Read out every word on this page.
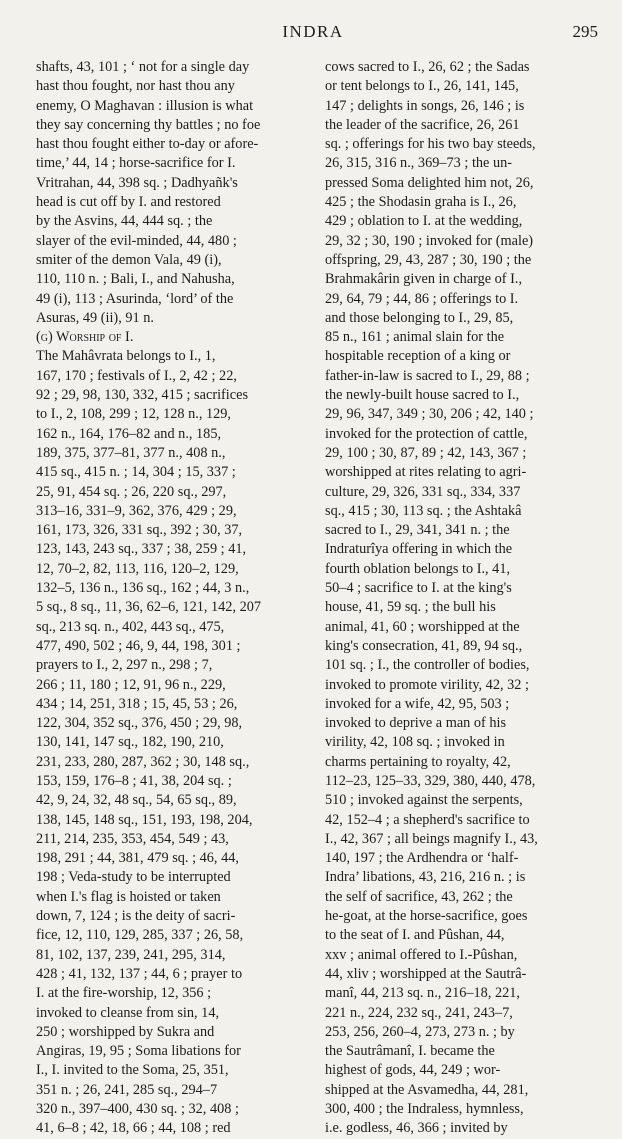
INDRA	295
shafts, 43, 101 ; ‘ not for a single day
hast thou fought, nor hast thou any
enemy, O Maghavan : illusion is what
they say concerning thy battles ; no foe
hast thou fought either to-day or afore-
time,’ 44, 14 ; horse-sacrifice for I.
Vritrahan, 44, 398 sq. ; Dadhyañk's
head is cut off by I. and restored
by the Asvins, 44, 444 sq. ; the
slayer of the evil-minded, 44, 480 ;
smiter of the demon Vala, 49 (i),
110, 110 n. ; Bali, I., and Nahusha,
49 (i), 113 ; Asurinda, ‘lord’ of the
Asuras, 49 (ii), 91 n.
(g) Worship of I.
The Mahâvrata belongs to I., 1,
167, 170 ; festivals of I., 2, 42 ; 22,
92 ; 29, 98, 130, 332, 415 ; sacrifices
to I., 2, 108, 299 ; 12, 128 n., 129,
162 n., 164, 176–82 and n., 185,
189, 375, 377–81, 377 n., 408 n.,
415 sq., 415 n. ; 14, 304 ; 15, 337 ;
25, 91, 454 sq. ; 26, 220 sq., 297,
313–16, 331–9, 362, 376, 429 ; 29,
161, 173, 326, 331 sq., 392 ; 30, 37,
123, 143, 243 sq., 337 ; 38, 259 ; 41,
12, 70–2, 82, 113, 116, 120–2, 129,
132–5, 136 n., 136 sq., 162 ; 44, 3 n.,
5 sq., 8 sq., 11, 36, 62–6, 121, 142, 207
sq., 213 sq. n., 402, 443 sq., 475,
477, 490, 502 ; 46, 9, 44, 198, 301 ;
prayers to I., 2, 297 n., 298 ; 7,
266 ; 11, 180 ; 12, 91, 96 n., 229,
434 ; 14, 251, 318 ; 15, 45, 53 ; 26,
122, 304, 352 sq., 376, 450 ; 29, 98,
130, 141, 147 sq., 182, 190, 210,
231, 233, 280, 287, 362 ; 30, 148 sq.,
153, 159, 176–8 ; 41, 38, 204 sq. ;
42, 9, 24, 32, 48 sq., 54, 65 sq., 89,
138, 145, 148 sq., 151, 193, 198, 204,
211, 214, 235, 353, 454, 549 ; 43,
198, 291 ; 44, 381, 479 sq. ; 46, 44,
198 ; Veda-study to be interrupted
when I.'s flag is hoisted or taken
down, 7, 124 ; is the deity of sacri-
fice, 12, 110, 129, 285, 337 ; 26, 58,
81, 102, 137, 239, 241, 295, 314,
428 ; 41, 132, 137 ; 44, 6 ; prayer to
I. at the fire-worship, 12, 356 ;
invoked to cleanse from sin, 14,
250 ; worshipped by Sukra and
Angiras, 19, 95 ; Soma libations for
I., I. invited to the Soma, 25, 351,
351 n. ; 26, 241, 285 sq., 294–7
320 n., 397–400, 430 sq. ; 32, 408 ;
41, 6–8 ; 42, 18, 66 ; 44, 108 ; red
cows sacred to I., 26, 62 ; the Sadas
or tent belongs to I., 26, 141, 145,
147 ; delights in songs, 26, 146 ; is
the leader of the sacrifice, 26, 261
sq. ; offerings for his two bay steeds,
26, 315, 316 n., 369–73 ; the un-
pressed Soma delighted him not, 26,
425 ; the Shodasin graha is I., 26,
429 ; oblation to I. at the wedding,
29, 32 ; 30, 190 ; invoked for (male)
offspring, 29, 43, 287 ; 30, 190 ; the
Brahmakârin given in charge of I.,
29, 64, 79 ; 44, 86 ; offerings to I.
and those belonging to I., 29, 85,
85 n., 161 ; animal slain for the
hospitable reception of a king or
father-in-law is sacred to I., 29, 88 ;
the newly-built house sacred to I.,
29, 96, 347, 349 ; 30, 206 ; 42, 140 ;
invoked for the protection of cattle,
29, 100 ; 30, 87, 89 ; 42, 143, 367 ;
worshipped at rites relating to agri-
culture, 29, 326, 331 sq., 334, 337
sq., 415 ; 30, 113 sq. ; the Ashtakâ
sacred to I., 29, 341, 341 n. ; the
Indraturîya offering in which the
fourth oblation belongs to I., 41,
50–4 ; sacrifice to I. at the king's
house, 41, 59 sq. ; the bull his
animal, 41, 60 ; worshipped at the
king's consecration, 41, 89, 94 sq.,
101 sq. ; I., the controller of bodies,
invoked to promote virility, 42, 32 ;
invoked for a wife, 42, 95, 503 ;
invoked to deprive a man of his
virility, 42, 108 sq. ; invoked in
charms pertaining to royalty, 42,
112–23, 125–33, 329, 380, 440, 478,
510 ; invoked against the serpents,
42, 152–4 ; a shepherd's sacrifice to
I., 42, 367 ; all beings magnify I., 43,
140, 197 ; the Ardhendra or ‘half-
Indra’ libations, 43, 216, 216 n. ; is
the self of sacrifice, 43, 262 ; the
he-goat, at the horse-sacrifice, goes
to the seat of I. and Pûshan, 44,
xxv ; animal offered to I.-Pûshan,
44, xliv ; worshipped at the Sautrâ-
manî, 44, 213 sq. n., 216–18, 221,
221 n., 224, 232 sq., 241, 243–7,
253, 256, 260–4, 273, 273 n. ; by
the Sautrâmanî, I. became the
highest of gods, 44, 249 ; wor-
shipped at the Asvamedha, 44, 281,
300, 400 ; the Indraless, hymnless,
i.e. godless, 46, 366 ; invited by
